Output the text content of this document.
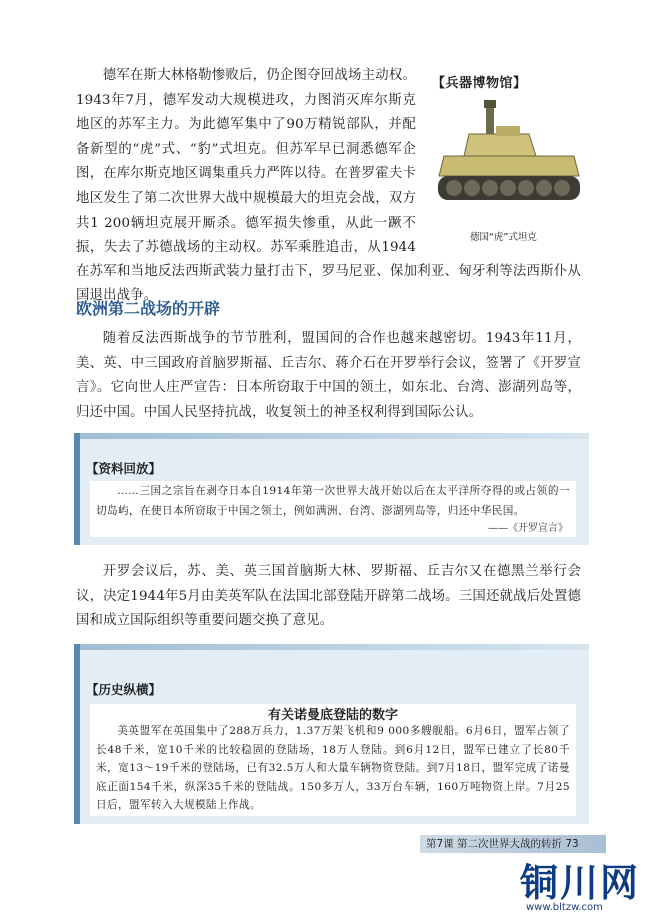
德军在斯大林格勒惨败后，仍企图夺回战场主动权。1943年7月，德军发动大规模进攻，力图消灭库尔斯克地区的苏军主力。为此德军集中了90万精锐部队，并配备新型的“虎”式、“豹”式坦克。但苏军早已洞悉德军企图，在库尔斯克地区调集重兵力严阵以待。在普罗霍夫卡地区发生了第二次世界大战中规模最大的坦克会战，双方共1 200辆坦克展开厮杀。德军损失惨重，从此一蹶不振，失去了苏德战场的主动权。苏军乘胜追击，从1944
在苏军和当地反法西斯武装力量打击下，罗马尼亚、保加利亚、匈牙利等法西斯仆从国退出战争。
【兵器博物馆】
德国“虎”式坦克
欧洲第二战场的开辟
随着反法西斯战争的节节胜利，盟国间的合作也越来越密切。1943年11月，美、英、中三国政府首脑罗斯福、丘吉尔、蒋介石在开罗举行会议，签署了《开罗宣言》。它向世人庄严宣告：日本所窃取于中国的领土，如东北、台湾、澎湖列岛等，归还中国。中国人民坚持抗战，收复领土的神圣权利得到国际公认。
【资料回放】
……三国之宗旨在剥夺日本自1914年第一次世界大战开始以后在太平洋所夺得的或占领的一切岛屿，在使日本所窃取于中国之领土，例如满洲、台湾、澎湖列岛等，归还中华民国。
——《开罗宣言》
开罗会议后，苏、美、英三国首脑斯大林、罗斯福、丘吉尔又在德黑兰举行会议，决定1944年5月由美英军队在法国北部登陆开辟第二战场。三国还就战后处置德国和成立国际组织等重要问题交换了意见。
【历史纵横】
有关诺曼底登陆的数字
美英盟军在英国集中了288万兵力，1.37万架飞机和9 000多艘舰船。6月6日，盟军占领了长48千米，宽10千米的比较稳固的登陆场，18万人登陆。到6月12日，盟军已建立了长80千米，宽13～19千米的登陆场，已有32.5万人和大量车辆物资登陆。到7月18日，盟军完成了诺曼底正面154千米，纵深35千米的登陆战。150多万人，33万台车辆，160万吨物资上岸。7月25日后，盟军转入大规模陆上作战。
第7课 第二次世界大战的转折 73
铜川网
www.bltzw.com
